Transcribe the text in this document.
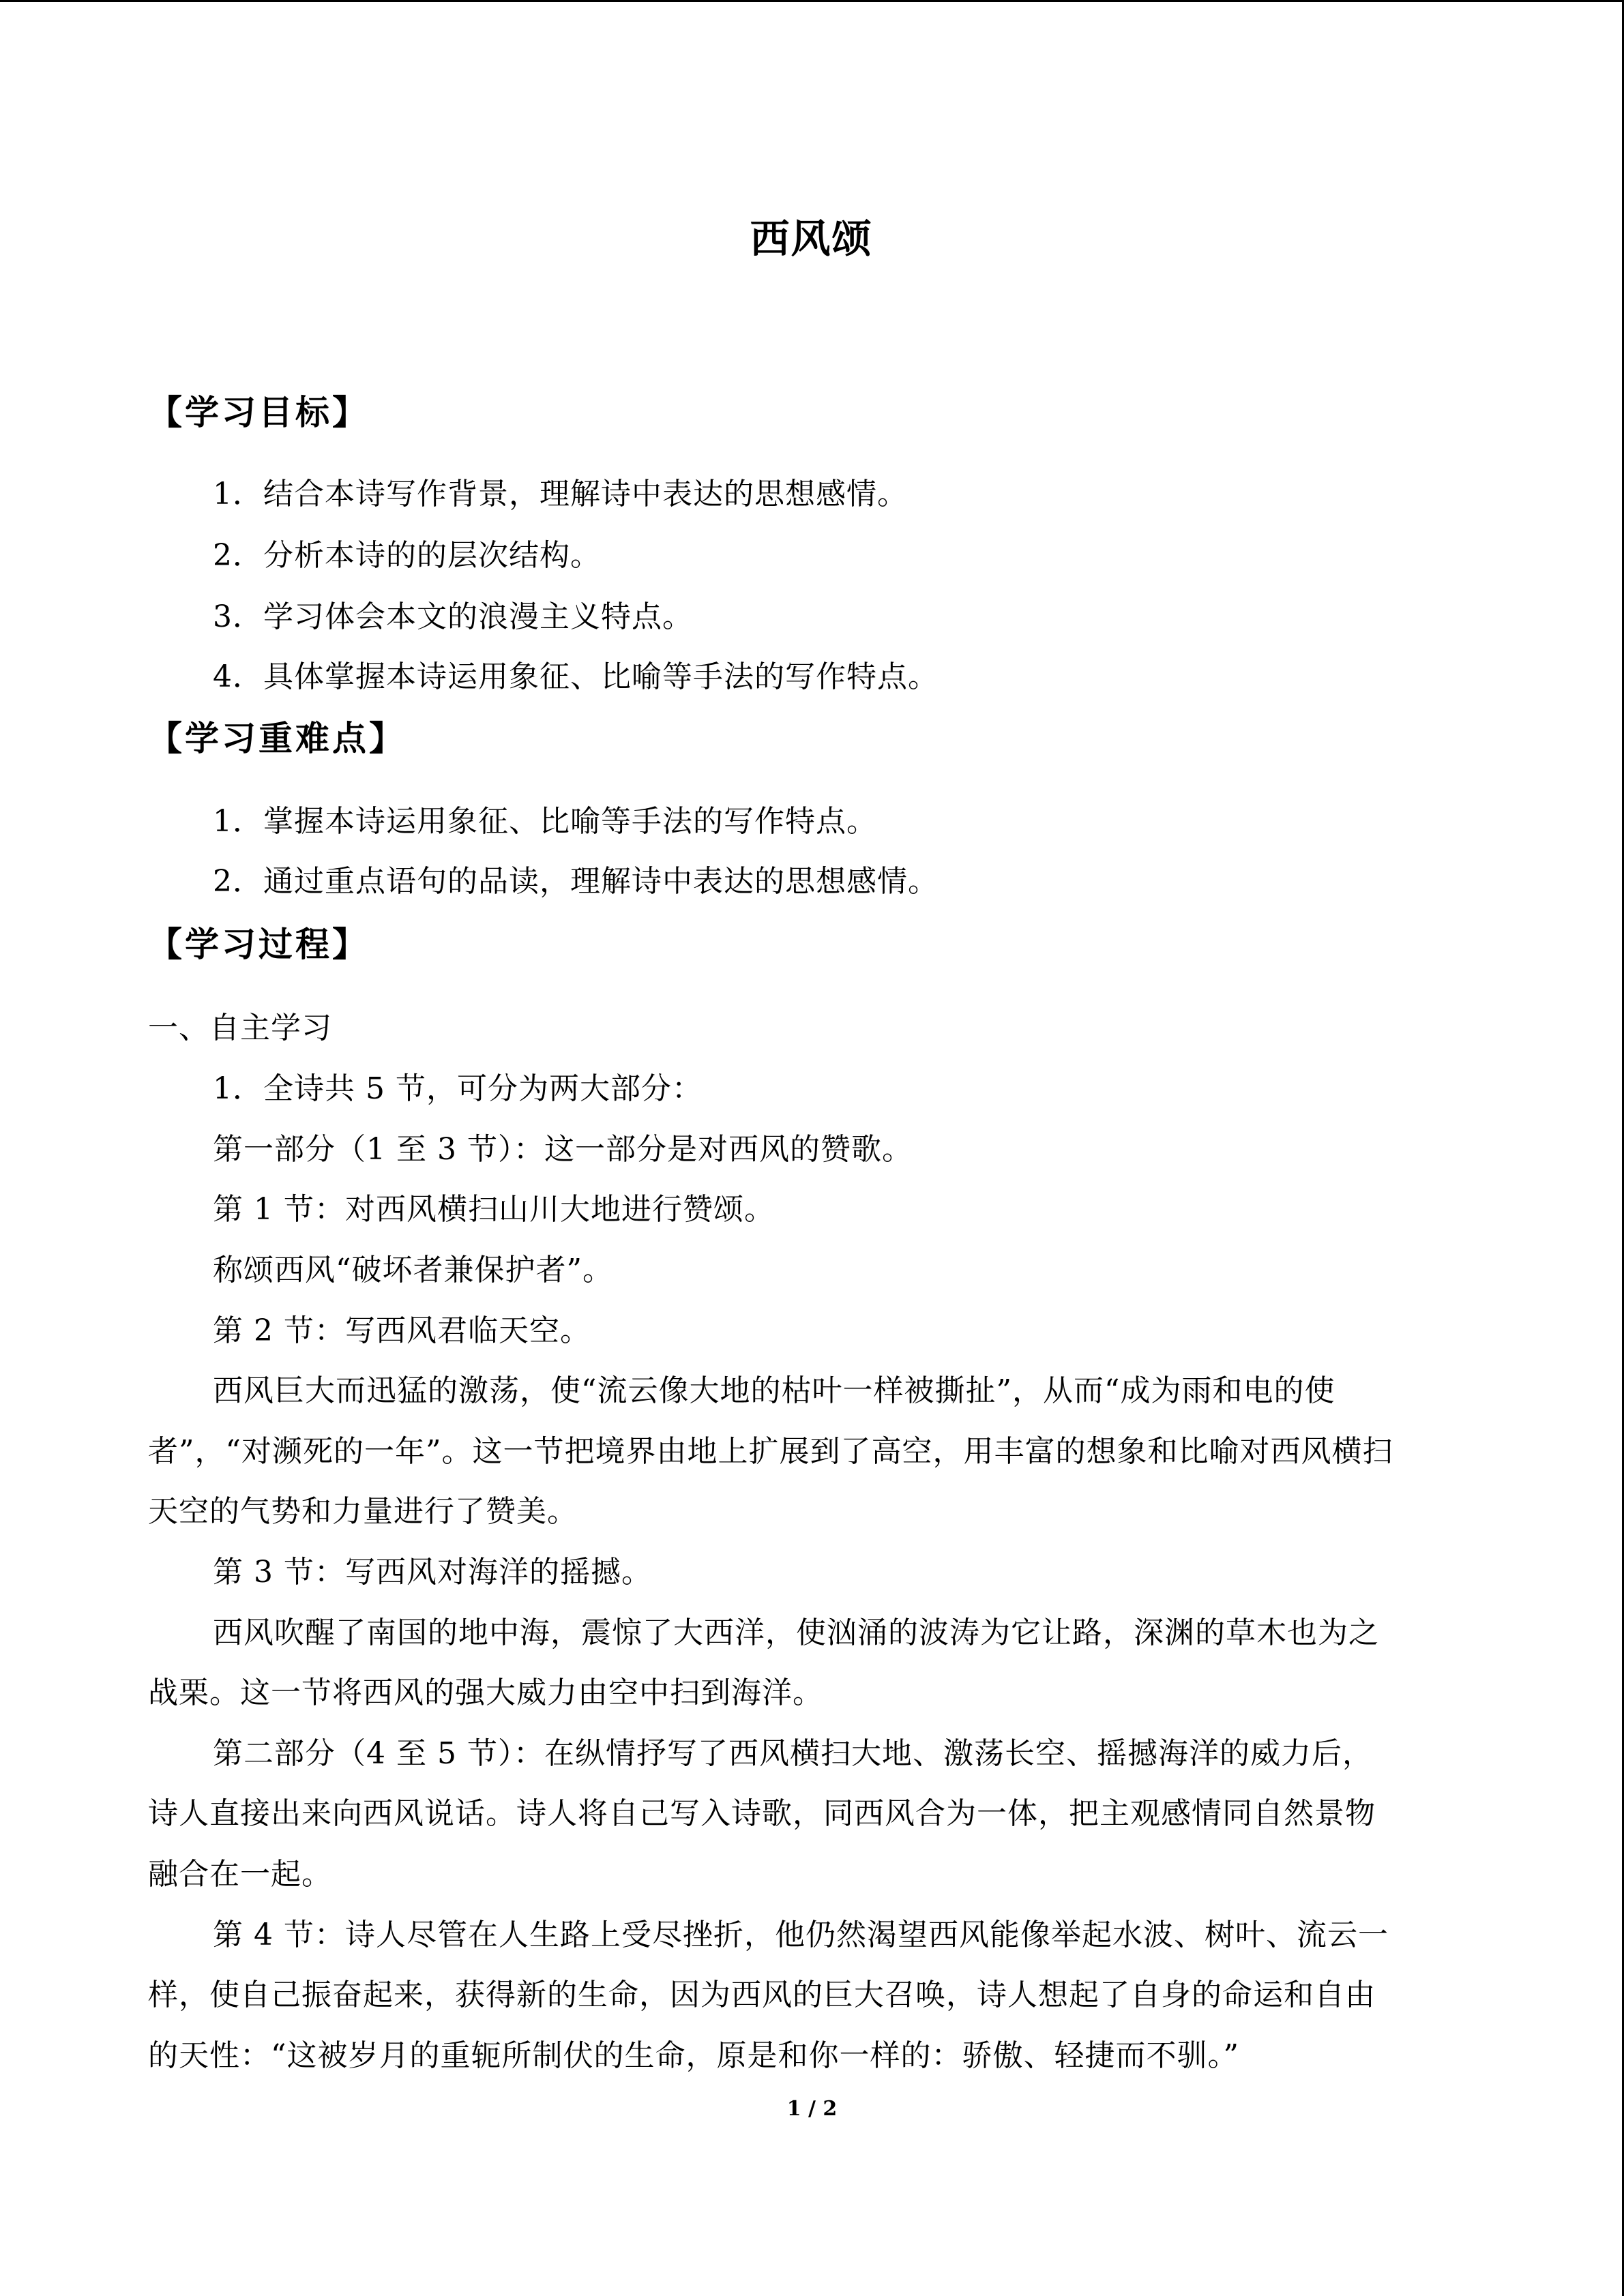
西风颂
【学习目标】
1．结合本诗写作背景，理解诗中表达的思想感情。
2．分析本诗的的层次结构。
3．学习体会本文的浪漫主义特点。
4．具体掌握本诗运用象征、比喻等手法的写作特点。
【学习重难点】
1．掌握本诗运用象征、比喻等手法的写作特点。
2．通过重点语句的品读，理解诗中表达的思想感情。
【学习过程】
一、自主学习
1．全诗共 5 节，可分为两大部分：
第一部分（1 至 3 节）：这一部分是对西风的赞歌。
第 1 节：对西风横扫山川大地进行赞颂。
称颂西风“破坏者兼保护者”。
第 2 节：写西风君临天空。
西风巨大而迅猛的激荡，使“流云像大地的枯叶一样被撕扯”，从而“成为雨和电的使
者”，“对濒死的一年”。这一节把境界由地上扩展到了高空，用丰富的想象和比喻对西风横扫
天空的气势和力量进行了赞美。
第 3 节：写西风对海洋的摇撼。
西风吹醒了南国的地中海，震惊了大西洋，使汹涌的波涛为它让路，深渊的草木也为之
战栗。这一节将西风的强大威力由空中扫到海洋。
第二部分（4 至 5 节）：在纵情抒写了西风横扫大地、激荡长空、摇撼海洋的威力后，
诗人直接出来向西风说话。诗人将自己写入诗歌，同西风合为一体，把主观感情同自然景物
融合在一起。
第 4 节：诗人尽管在人生路上受尽挫折，他仍然渴望西风能像举起水波、树叶、流云一
样，使自己振奋起来，获得新的生命，因为西风的巨大召唤，诗人想起了自身的命运和自由
的天性：“这被岁月的重轭所制伏的生命，原是和你一样的：骄傲、轻捷而不驯。”
1 / 2
